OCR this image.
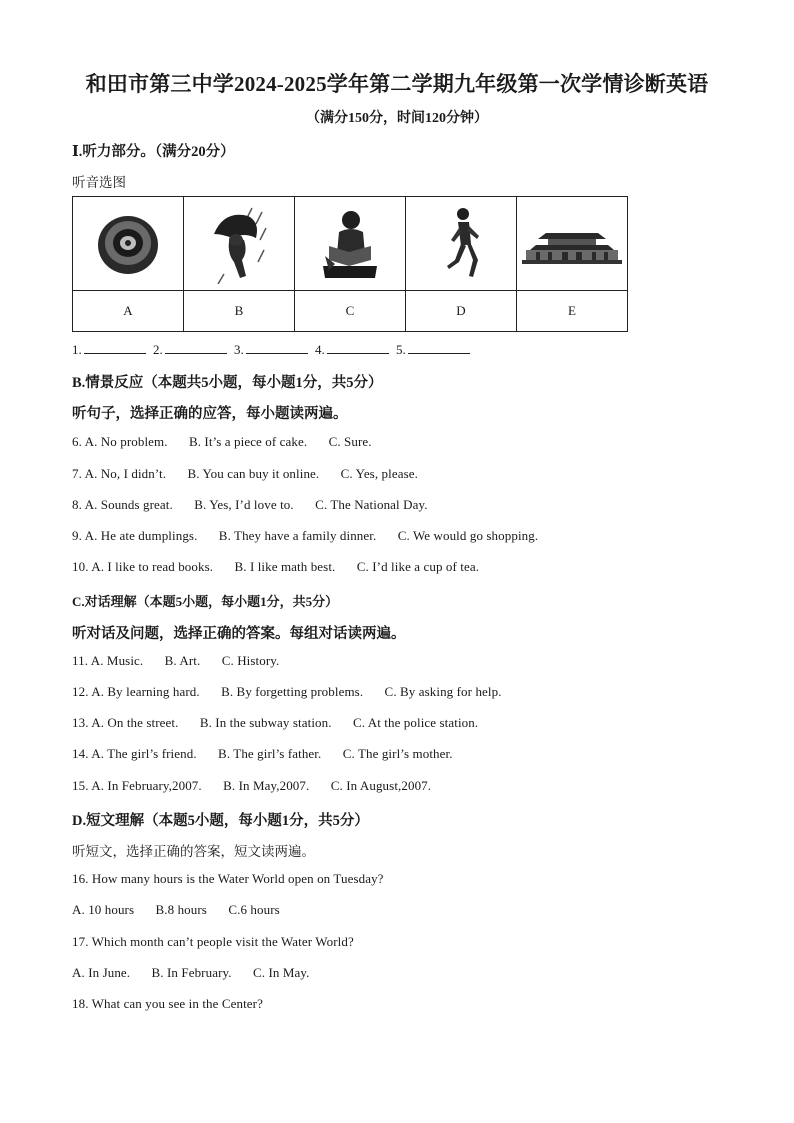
和田市第三中学2024-2025学年第二学期九年级第一次学情诊断英语
（满分150分，时间120分钟）
Ⅰ.听力部分。（满分20分）
听音选图

A	B	C	D	E
1.	2.	3.	4.	5.
B.情景反应（本题共5小题，每小题1分，共5分）
听句子，选择正确的应答，每小题读两遍。
6. A. No problem. B. It’s a piece of cake. C. Sure.
7. A. No, I didn’t. B. You can buy it online. C. Yes, please.
8. A. Sounds great. B. Yes, I’d love to. C. The National Day.
9. A. He ate dumplings. B. They have a family dinner. C. We would go shopping.
10. A. I like to read books. B. I like math best. C. I’d like a cup of tea.
C.对话理解（本题5小题，每小题1分，共5分）
听对话及问题，选择正确的答案。每组对话读两遍。
11. A. Music. B. Art. C. History.
12. A. By learning hard. B. By forgetting problems. C. By asking for help.
13. A. On the street. B. In the subway station. C. At the police station.
14. A. The girl’s friend. B. The girl’s father. C. The girl’s mother.
15. A. In February,2007. B. In May,2007. C. In August,2007.
D.短文理解（本题5小题，每小题1分，共5分）
听短文，选择正确的答案，短文读两遍。
16. How many hours is the Water World open on Tuesday?
A. 10 hours B.8 hours C.6 hours
17. Which month can’t people visit the Water World?
A. In June. B. In February. C. In May.
18. What can you see in the Center?
